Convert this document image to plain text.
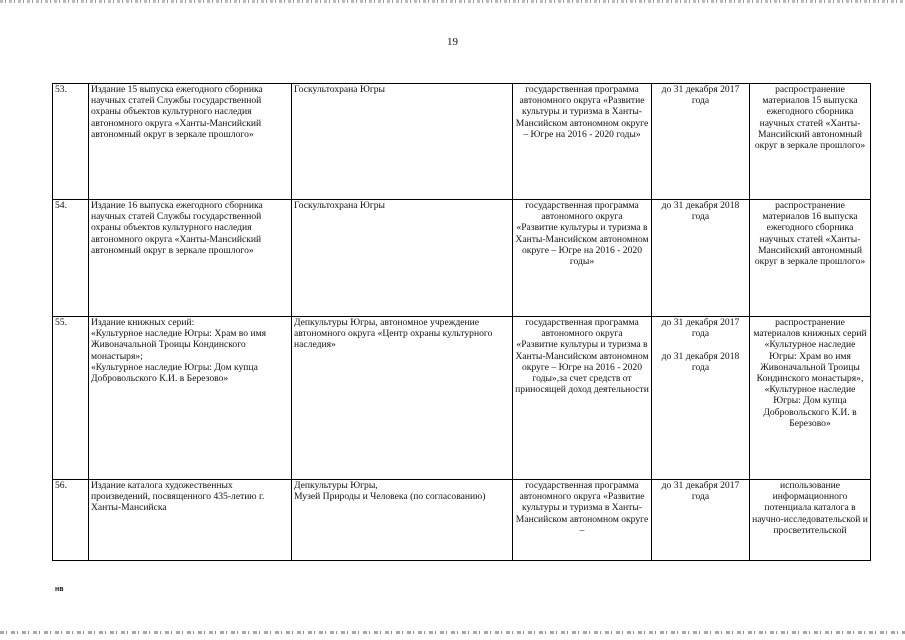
19
53.	Издание 15 выпуска ежегодного сборника научных статей Службы государственной охраны объектов культурного наследия автономного округа «Ханты-Мансийский автономный округ в зеркале прошлого»	Госкультохрана Югры	государственная программа автономного округа «Развитие культуры и туризма в Ханты-Мансийском автономном округе – Югре на 2016 - 2020 годы»	до 31 декабря 2017 года	распространение материалов 15 выпуска ежегодного сборника научных статей «Ханты-Мансийский автономный округ в зеркале прошлого»
54.	Издание 16 выпуска ежегодного сборника научных статей Службы государственной охраны объектов культурного наследия автономного округа «Ханты-Мансийский автономный округ в зеркале прошлого»	Госкультохрана Югры	государственная программа автономного округа
«Развитие культуры и туризма в Ханты-Мансийском автономном округе – Югре на 2016 - 2020 годы»	до 31 декабря 2018 года	распространение материалов 16 выпуска ежегодного сборника научных статей «Ханты-Мансийский автономный округ в зеркале прошлого»
55.	Издание книжных серий:
«Культурное наследие Югры: Храм во имя Живоначальной Троицы Кондинского монастыря»;
«Культурное наследие Югры: Дом купца Добровольского К.И. в Березово»	Депкультуры Югры, автономное учреждение автономного округа «Центр охраны культурного наследия»	государственная программа автономного округа
«Развитие культуры и туризма в Ханты-Мансийском автономном округе – Югре на 2016 - 2020 годы»,за счет средств от приносящей доход деятельности	до 31 декабря 2017 года

до 31 декабря 2018 года	распространение материалов книжных серий «Культурное наследие Югры: Храм во имя Живоначальной Троицы Кондинского монастыря», «Культурное наследие Югры: Дом купца Добровольского К.И. в Березово»
56.	Издание каталога художественных произведений, посвященного 435-летию г. Ханты-Мансийска	Депкультуры Югры,
Музей Природы и Человека (по согласованию)	государственная программа автономного округа «Развитие культуры и туризма в Ханты-Мансийском автономном округе –	до 31 декабря 2017 года	использование информационного потенциала каталога в научно-исследовательской и просветительской
нв
